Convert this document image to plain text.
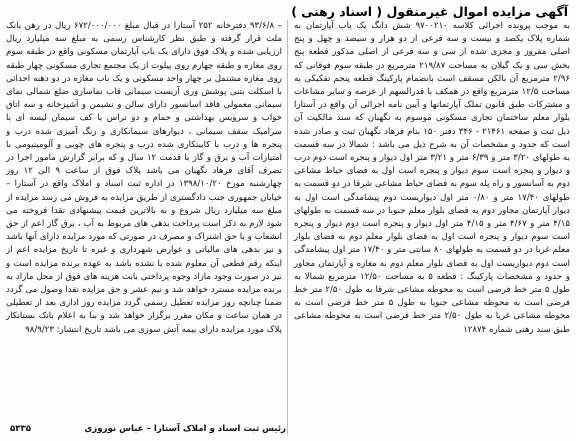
آگهی مزایده اموال غیرمنقول ( اسناد رهنی )
به موجب پرونده اجرائی کلاسه ۹۷۰۰۲۱۰ شش دانگ یک باب آپارتمان به شماره پلاک یکصد و بیست و سه فرعی از دو هزار و سیصد و چهل و پنج اصلی مفروز و مجزی شده از سی و سه فرعی از اصلی مذکور قطعه پنج بخش سی و یک گیلان به مساحت ۲۱۹/۸۷ مترمربع در طبقه سوم فوقانی که ۲/۹۶ مترمربع آن بالکن مسقف است بانضمام پارکینگ قطعه پنجم تفکیکی به مساحت ۱۲/۵ مترمربع واقع در همکف با قدرالسهم از عرصه و سایر مشاعات و مشترکات طبق قانون تملک آپارتمانها و آیین نامه اجرائی آن واقع در آستارا بلوار معلم ساختمان تجاری مسکونی موسوم به نگهبان که سند مالکیت آن ذیل ثبت و صفحه ۲۱۴۶۱ - ۳۴۶ دفتر ۱۵۰ بنام فرهاد نگهبان ثبت و صادر شده است که حدود و مشخصات آن به شرح ذیل می باشد : شمالا در سه قسمت به طولهای ۳/۲۰ متر و ۶/۳۹ متر و ۳/۲۱ متر اول دیوار و پنجره است دوم درب و دیوار و پنجره است سوم دیوار و پنجره است اول به فضای حیاط مشاعی دوم به آسانسور و راه پله سوم به فضای حیاط مشاعی شرقا در دو قسمت به طولهای ۱۷/۴۰ متر و ۰/۸۰ متر اول دیواریست دوم پیشامدگی است اول به دیوار آپارتمان مجاور دوم به فضای بلوار معلم جنوبا در سه قسمت به طولهای ۴/۱۵ متر و ۴/۶۷ متر و ۴/۱۵ متر اول دیوار و پنجره است دوم دیوار و پنجره است سوم دیوار و پنجره است اول به فضای بلوار معلم دوم به فضای بلوار معلم غربا در دو قسمت به طولهای ۸۰ سانتی متر و ۱۷/۴۰ متر اول پیشامدگی است دوم دیواریست اول به فضای بلوار معلم دوم به مغازه و آپارتمان مجاور و حدود و مشخصات پارکینگ : قطعه ۵ به مساحت ۱۲/۵۰ مترمربع شمالا به طول ۵ متر خط فرضی است به محوطه مشاعی شرقا به طول ۲/۵۰ متر خط فرضی است به محوطه مشاعی جنوبا به طول ۵ متر خط فرضی است به محوطه مشاعی غربا به طول ۲/۵۰ متر خط فرضی است به محوطه مشاعی طبق سند رهنی شماره ۱۲۸۷۴
– ۹۳/۶/۸ دفترخانه ۲۵۲ آستارا در قبال مبلغ ۶۷۲/۰۰۰/۰۰۰ ریال در رهن بانک ملت قرار گرفته و طبق نظر کارشناس رسمی به مبلغ سه میلیارد ریال ارزیابی شده و پلاک فوق دارای یک باب آپارتمان مسکونی واقع در طبقه سوم روی مغازه و طبقه چهارم روی پیلوت از یک مجتمع تجاری مسکونی چهار طبقه روی مغازه مشتمل بر چهار واحد مسکونی و یک باب مغازه در دو دهنه احداثی با اسکلت بتنی پوشش وری آزبست سیمانی قاب نماسازی ضلع شمالی نمای سیمانی معمولی فاقد اسانسور دارای سالن و نشیمن و آشپزخانه و سه اتاق خواب و سرویس بهداشتی و حمام و دو تراس با کف سیمان لیسه ای با سرامیک سقف سیمانی ، دیوارهای سیمانکاری و رنگ آمیزی شده درب و پنجره ها و درب با کابینکاری شده درب و پنجره های چوبی و آلومینیومی با امتیازات آب و برق و گاز با قدمت ۱۲ سال و که برابر گزارش مامور اجرا در تصرف آقای فرهاد نگهبان می باشد پلاک فوق از ساعت ۹ الی ۱۲ روز چهارشنبه مورخ ۱۳۹۸/۱۰/۲۰ در اداره ثبت اسناد و املاک واقع در آستارا – خیابان جمهوری جنب دادگستری از طریق مزایده به فروش می رسد مزایده از مبلغ سه میلیارد ریال شروع و به بالاترین قیمت پیشنهادی نقدا فروخته می شود لازم به ذکر است پرداخت بدهی های مربوط به آب ، برق گاز اعم از حق انشعاب و یا حق اشتراک و مصرف در صورتی که مورد مزایده دارای آنها باشد و نیز بدهی های مالیاتی و عوارض شهرداری و غیره تا تاریخ مزایده اعم از اینکه رقم قطعی آن معلوم شده یا نشده باشد به عهده برنده مزایده است و نیز در صورت وجود مازاد وجوه پرداختی بابت هزینه های فوق از محل مازاد به برنده مزایده مسترد خواهد شد و نیم عشر و حق مزایده نقدا وصول می گردد ضمنا چنانچه روز مزایده تعطیل رسمی گردد مزایده روز اداری بعد از تعطیلی در همان ساعت و مکان مقرر برگزار خواهد شد و بنا به اعلام بانک بستانکار پلاک مورد مزایده دارای بیمه آتش سوزی می باشد تاریخ انتشار: ۹۸/۹/۲۳
رئیس ثبت اسناد و املاک آستارا – عباس نوروزی
۵۳۳۵
